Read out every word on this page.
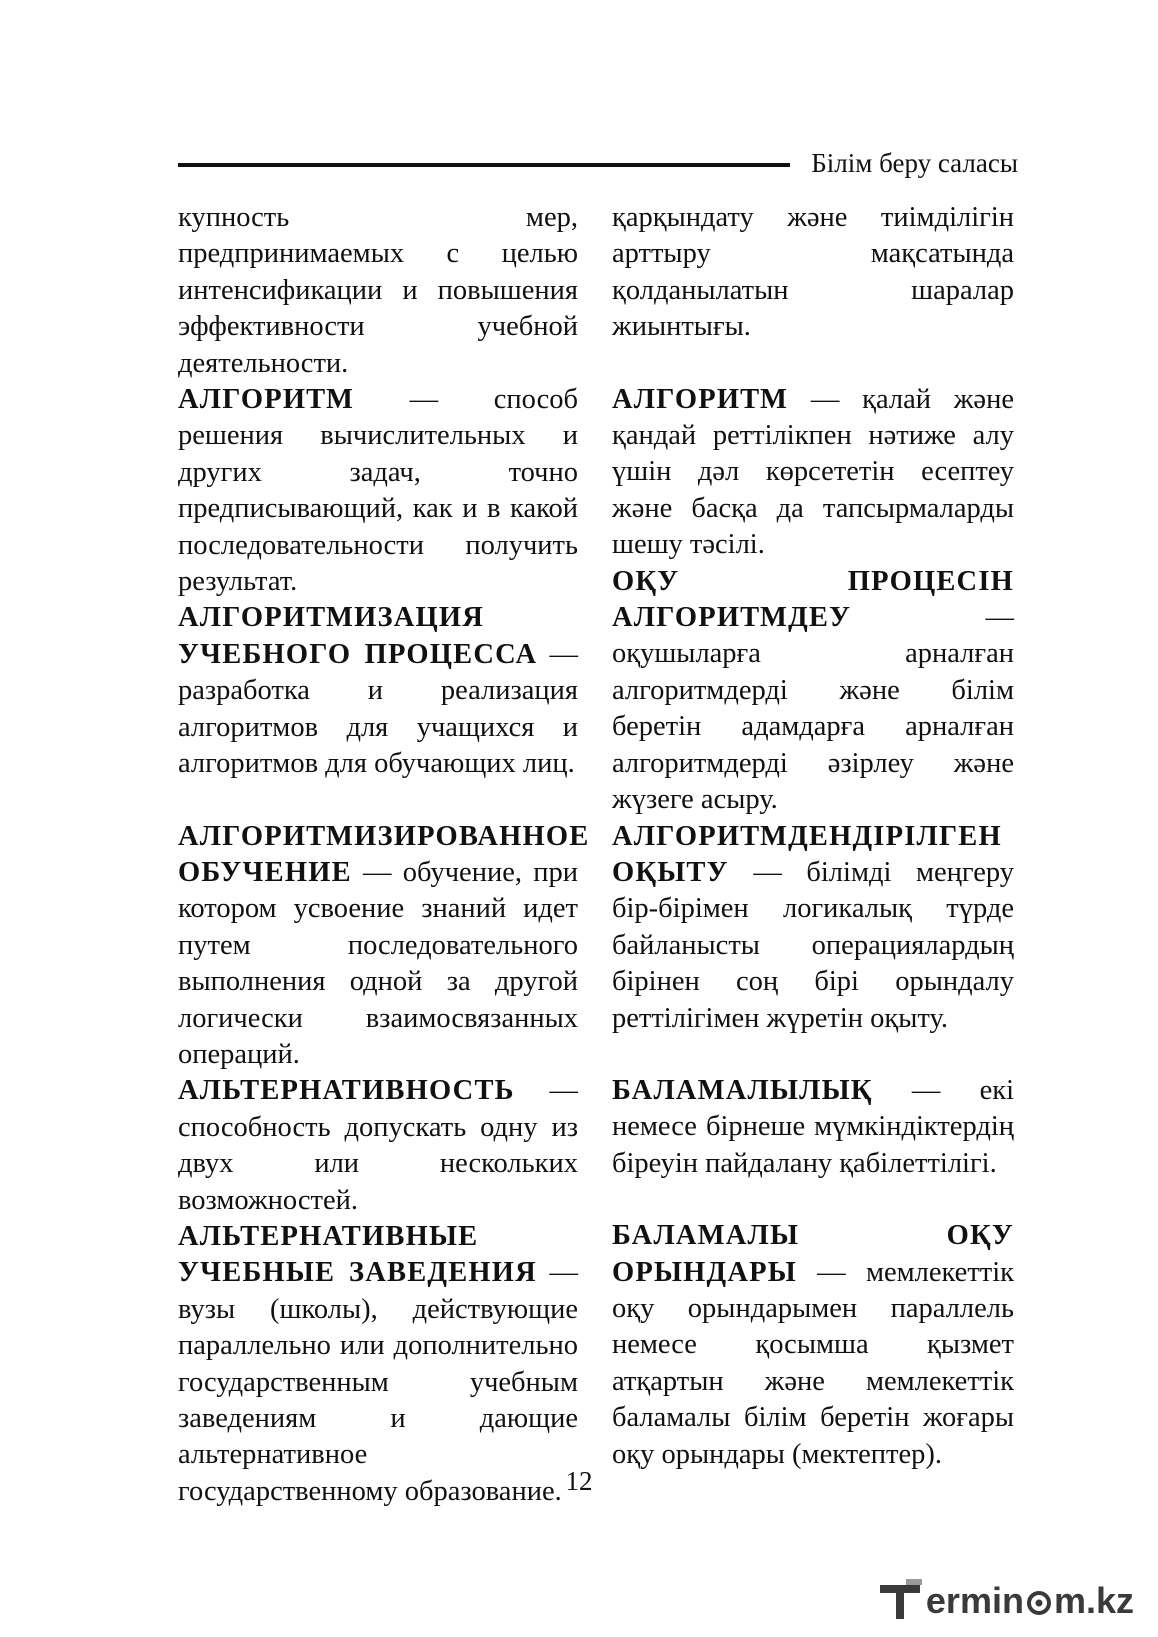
Білім беру саласы

купность мер, предпринимаемых с целью интенсификации и повышения эффективности учебной деятельности.

АЛГОРИТМ — способ решения вычислительных и других задач, точно предписывающий, как и в какой последовательности получить результат.

АЛГОРИТМИЗАЦИЯ УЧЕБНОГО ПРОЦЕССА — разработка и реализация алгоритмов для учащихся и алгоритмов для обучающих лиц.

АЛГОРИТМИЗИРОВАННОЕ ОБУЧЕНИЕ — обучение, при котором усвоение знаний идет путем последовательного выполнения одной за другой логически взаимосвязанных операций.

АЛЬТЕРНАТИВНОСТЬ — способность допускать одну из двух или нескольких возможностей.

АЛЬТЕРНАТИВНЫЕ УЧЕБНЫЕ ЗАВЕДЕНИЯ — вузы (школы), действующие параллельно или дополнительно государственным учебным заведениям и дающие альтернативное государственному образование.

қарқындату және тиімділігін арттыру мақсатында қолданылатын шаралар жиынтығы.

АЛГОРИТМ — қалай және қандай реттілікпен нәтиже алу үшін дәл көрсететін есептеу және басқа да тапсырмаларды шешу тәсілі.

ОҚУ ПРОЦЕСІН АЛГОРИТМДЕУ — оқушыларға арналған алгоритмдерді және білім беретін адамдарға арналған алгоритмдерді әзірлеу және жүзеге асыру.

АЛГОРИТМДЕНДІРІЛГЕН ОҚЫТУ — білімді меңгеру бір-бірімен логикалық түрде байланысты операциялардың бірінен соң бірі орындалу реттілігімен жүретін оқыту.

БАЛАМАЛЫЛЫҚ — екі немесе бірнеше мүмкіндіктердің біреуін пайдалану қабілеттілігі.

БАЛАМАЛЫ ОҚУ ОРЫНДАРЫ — мемлекеттік оқу орындарымен параллель немесе қосымша қызмет атқартын және мемлекеттік баламалы білім беретін жоғары оқу орындары (мектептер).

12
ermin m.kz
